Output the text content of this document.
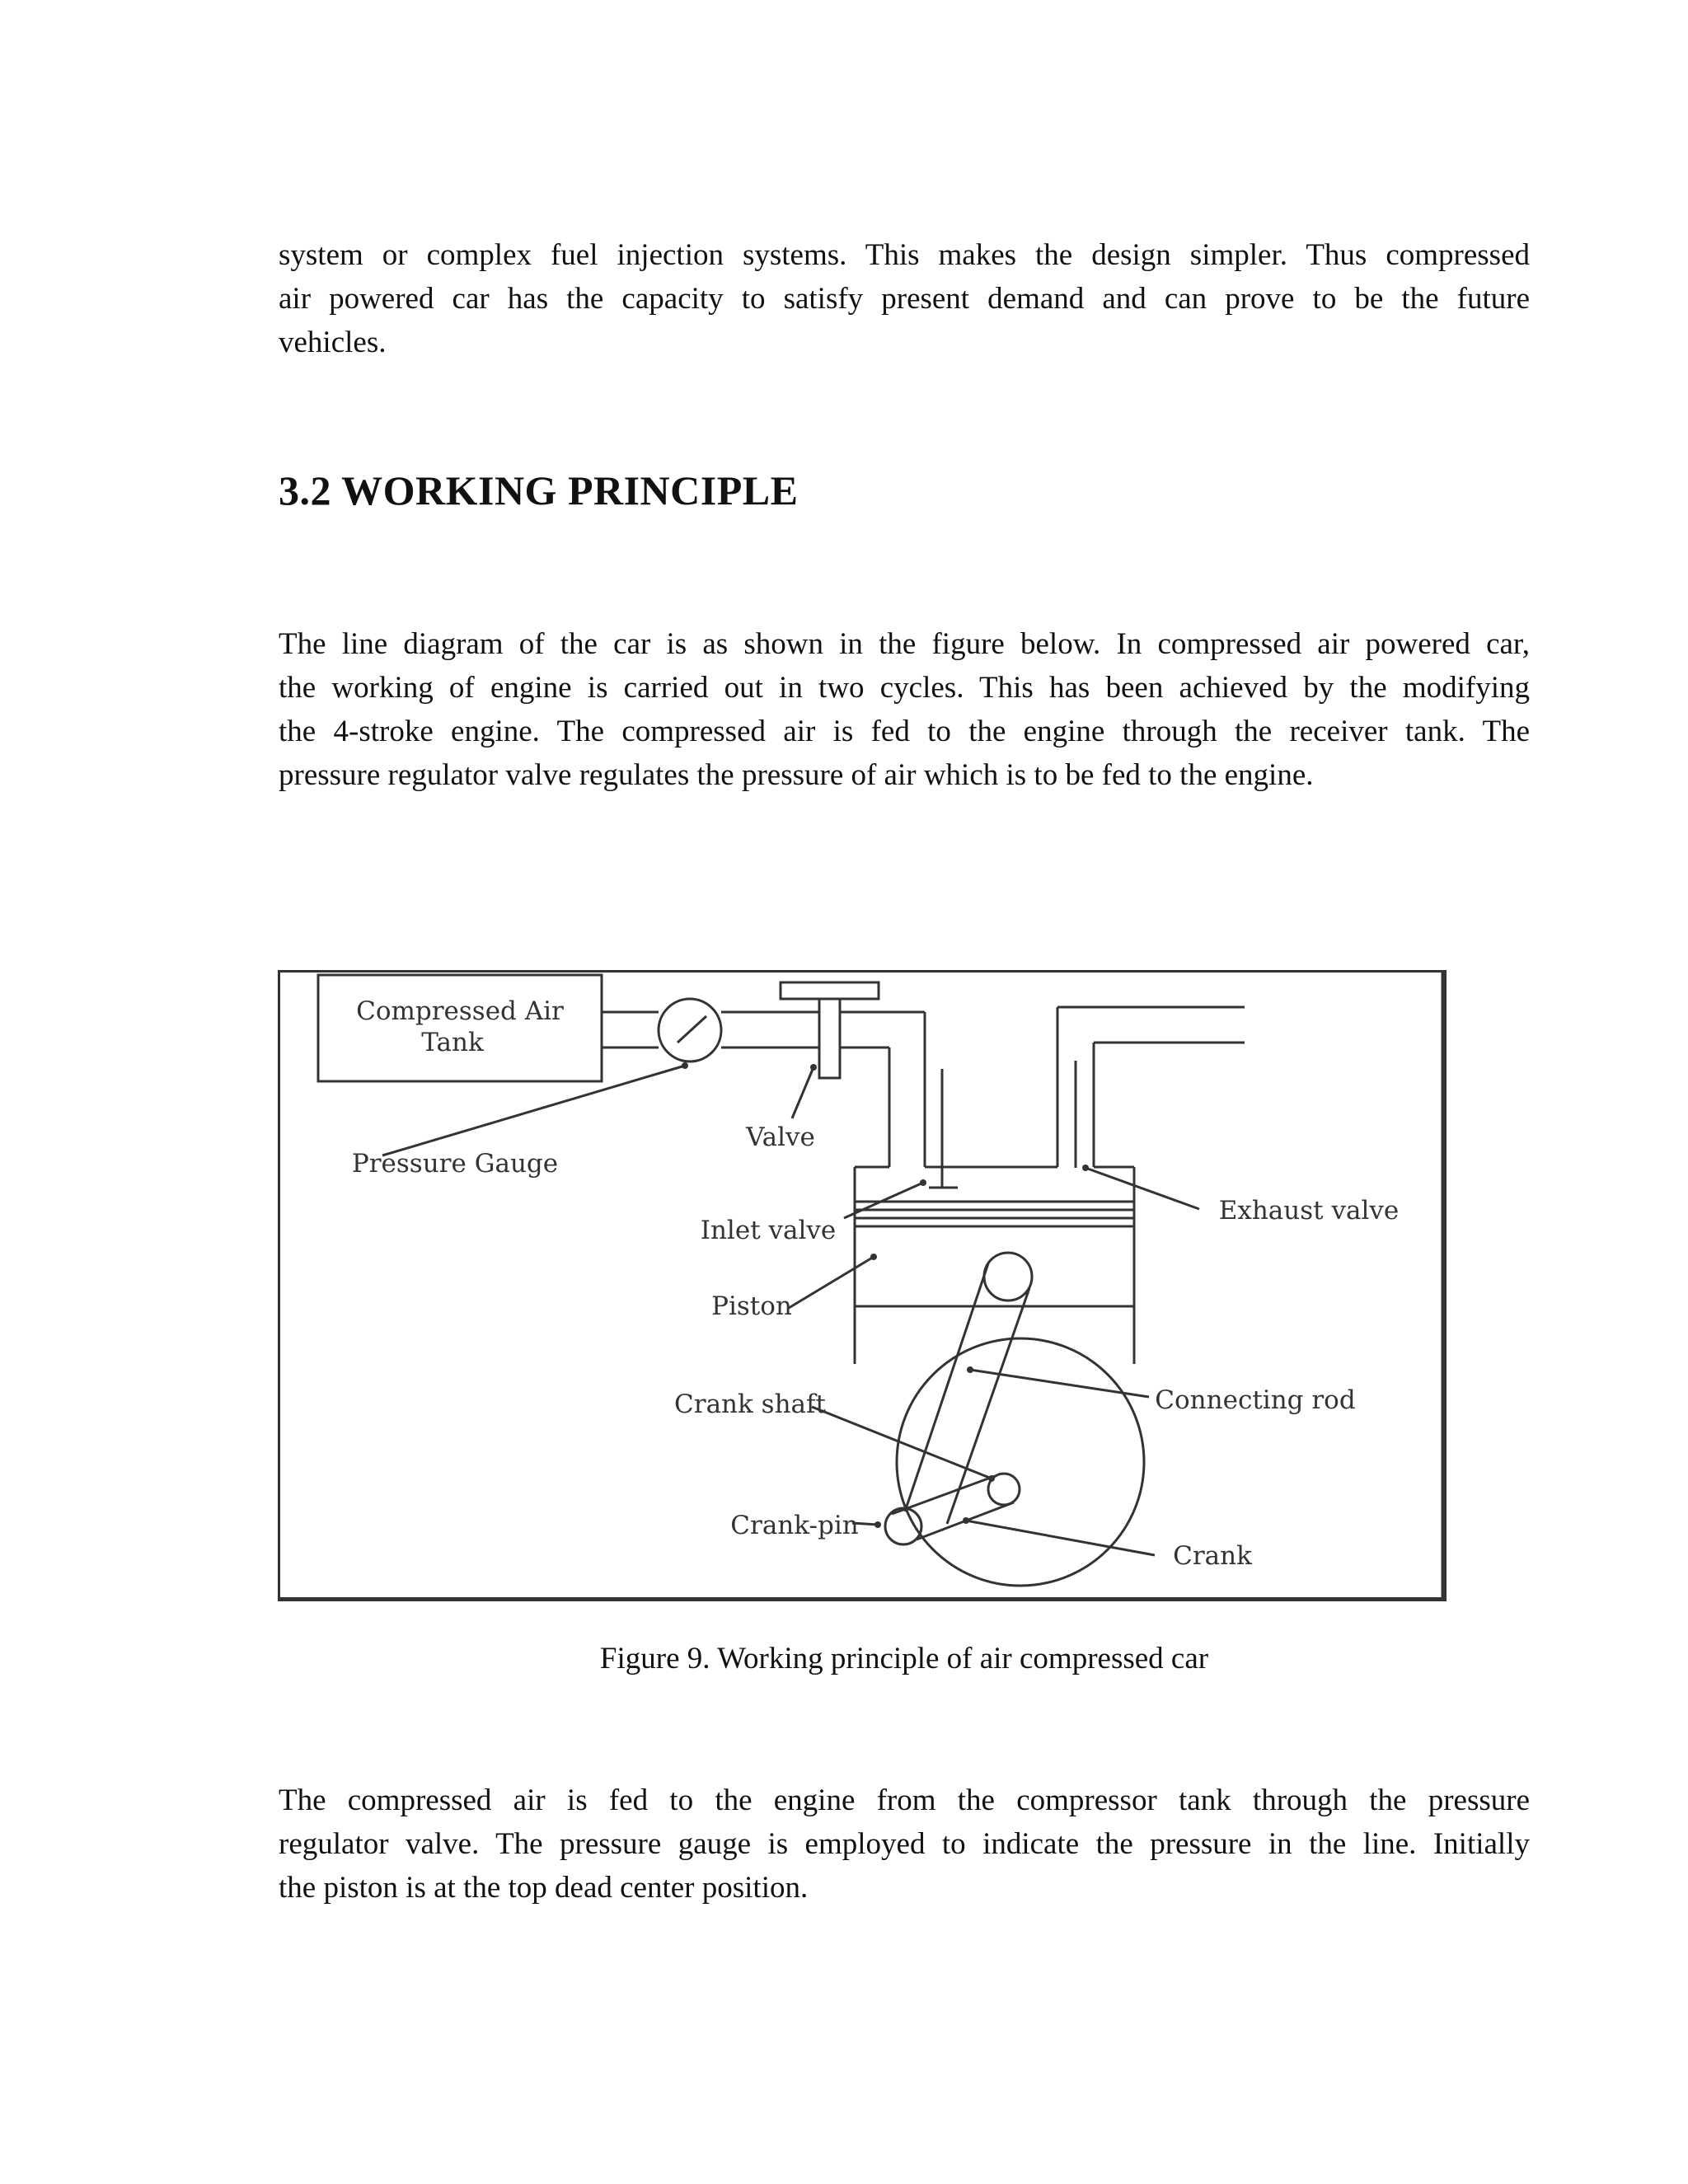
system or complex fuel injection systems. This makes the design simpler. Thus compressed
air powered car has the capacity to satisfy present demand and can prove to be the future
vehicles.
3.2 WORKING PRINCIPLE
The line diagram of the car is as shown in the figure below. In compressed air powered car,
the working of engine is carried out in two cycles. This has been achieved by the modifying
the 4-stroke engine. The compressed air is fed to the engine through the receiver tank. The
pressure regulator valve regulates the pressure of air which is to be fed to the engine.
Compressed Air
Tank
Pressure Gauge
Valve
Inlet valve
Exhaust valve
Piston
Crank shaft	Connecting rod
Crank-pin
Crank

Figure 9. Working principle of air compressed car

The compressed air is fed to the engine from the compressor tank through the pressure
regulator valve. The pressure gauge is employed to indicate the pressure in the line. Initially
the piston is at the top dead center position.
